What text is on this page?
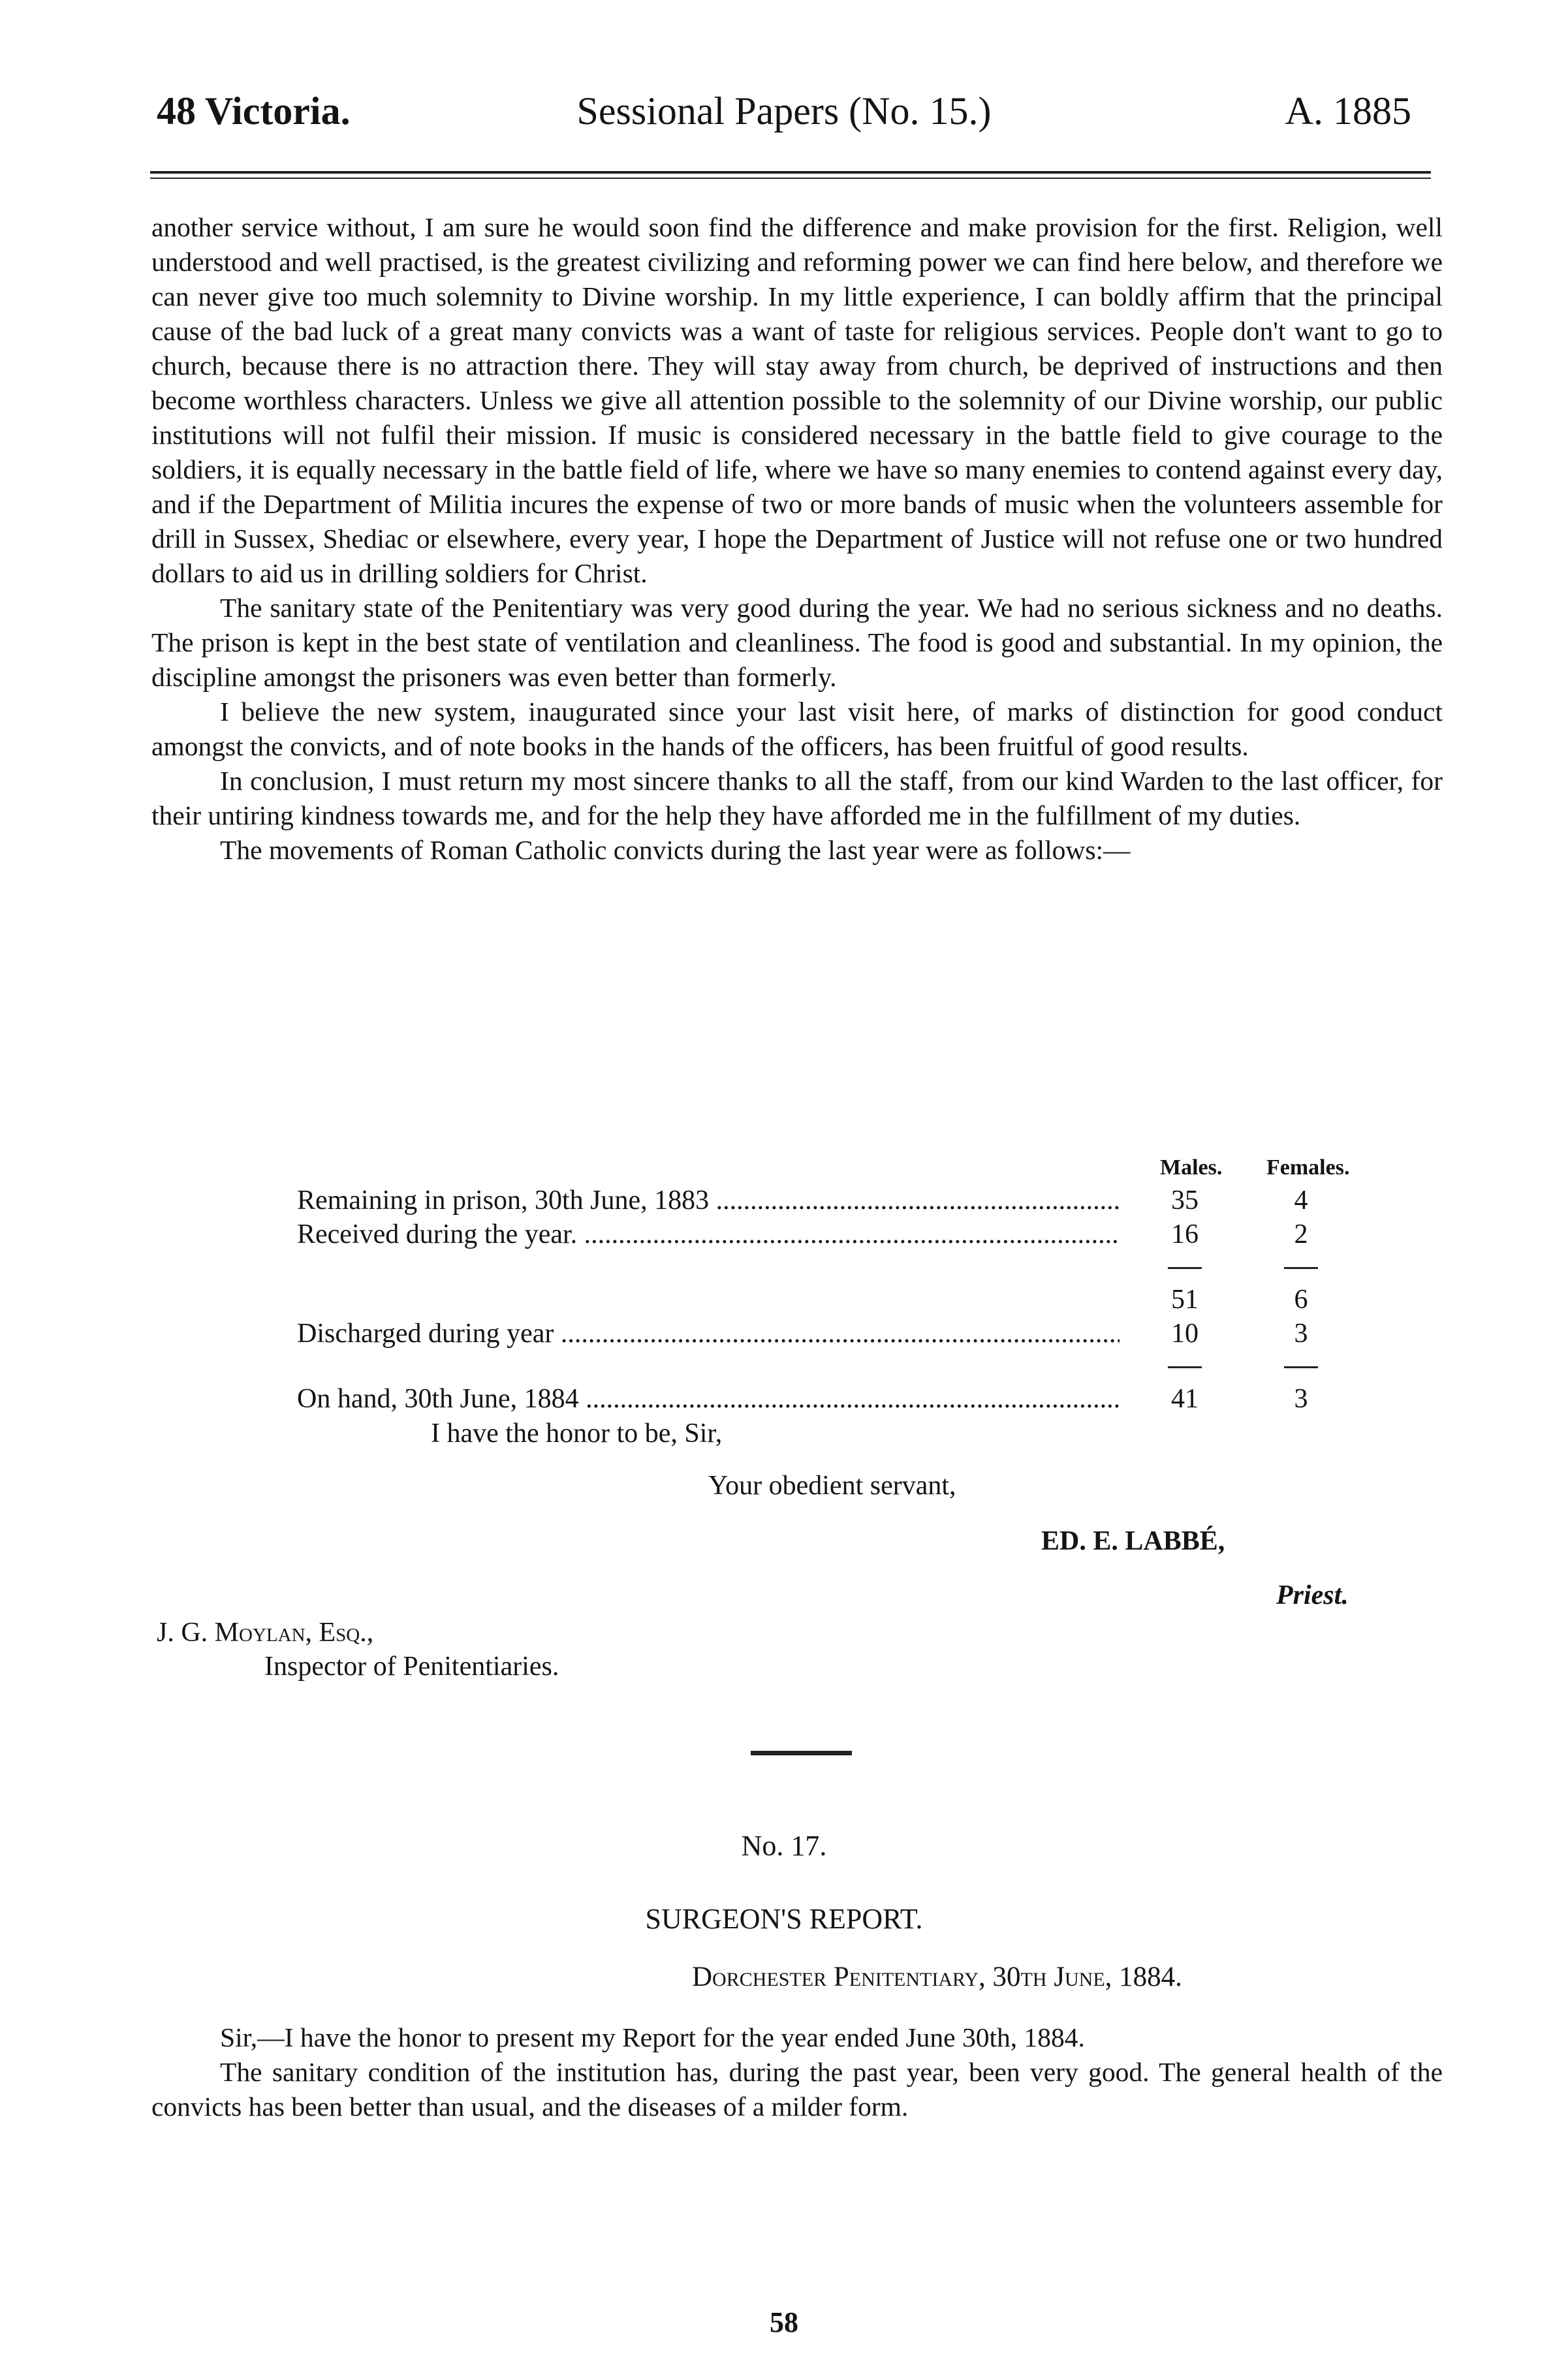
48 Victoria.	Sessional Papers (No. 15.)	A. 1885

another service without, I am sure he would soon find the difference and make provision for the first. Religion, well understood and well practised, is the greatest civilizing and reforming power we can find here below, and therefore we can never give too much solemnity to Divine worship. In my little experience, I can boldly affirm that the principal cause of the bad luck of a great many convicts was a want of taste for religious services. People don't want to go to church, because there is no attraction there. They will stay away from church, be deprived of instructions and then become worthless characters. Unless we give all attention possible to the solemnity of our Divine worship, our public institutions will not fulfil their mission. If music is considered necessary in the battle field to give courage to the soldiers, it is equally necessary in the battle field of life, where we have so many enemies to contend against every day, and if the Department of Militia incures the expense of two or more bands of music when the volunteers assemble for drill in Sussex, Shediac or elsewhere, every year, I hope the Department of Justice will not refuse one or two hundred dollars to aid us in drilling soldiers for Christ.

The sanitary state of the Penitentiary was very good during the year. We had no serious sickness and no deaths. The prison is kept in the best state of ventilation and cleanliness. The food is good and substantial. In my opinion, the discipline amongst the prisoners was even better than formerly.

I believe the new system, inaugurated since your last visit here, of marks of distinction for good conduct amongst the convicts, and of note books in the hands of the officers, has been fruitful of good results.

In conclusion, I must return my most sincere thanks to all the staff, from our kind Warden to the last officer, for their untiring kindness towards me, and for the help they have afforded me in the fulfillment of my duties.

The movements of Roman Catholic convicts during the last year were as follows:—

Males. Females.
Remaining in prison, 30th June, 1883 .....	35	4
Received during the year. .....	16	2
51	6
Discharged during year .....	10	3
On hand, 30th June, 1884 .....	41	3
I have the honor to be, Sir,
Your obedient servant,
ED. E. LABBÉ,
Priest.
J. G. Moylan, Esq.,
Inspector of Penitentiaries.
No. 17.
SURGEON'S REPORT.
Dorchester Penitentiary, 30th June, 1884.

Sir,—I have the honor to present my Report for the year ended June 30th, 1884.

The sanitary condition of the institution has, during the past year, been very good. The general health of the convicts has been better than usual, and the diseases of a milder form.

58
